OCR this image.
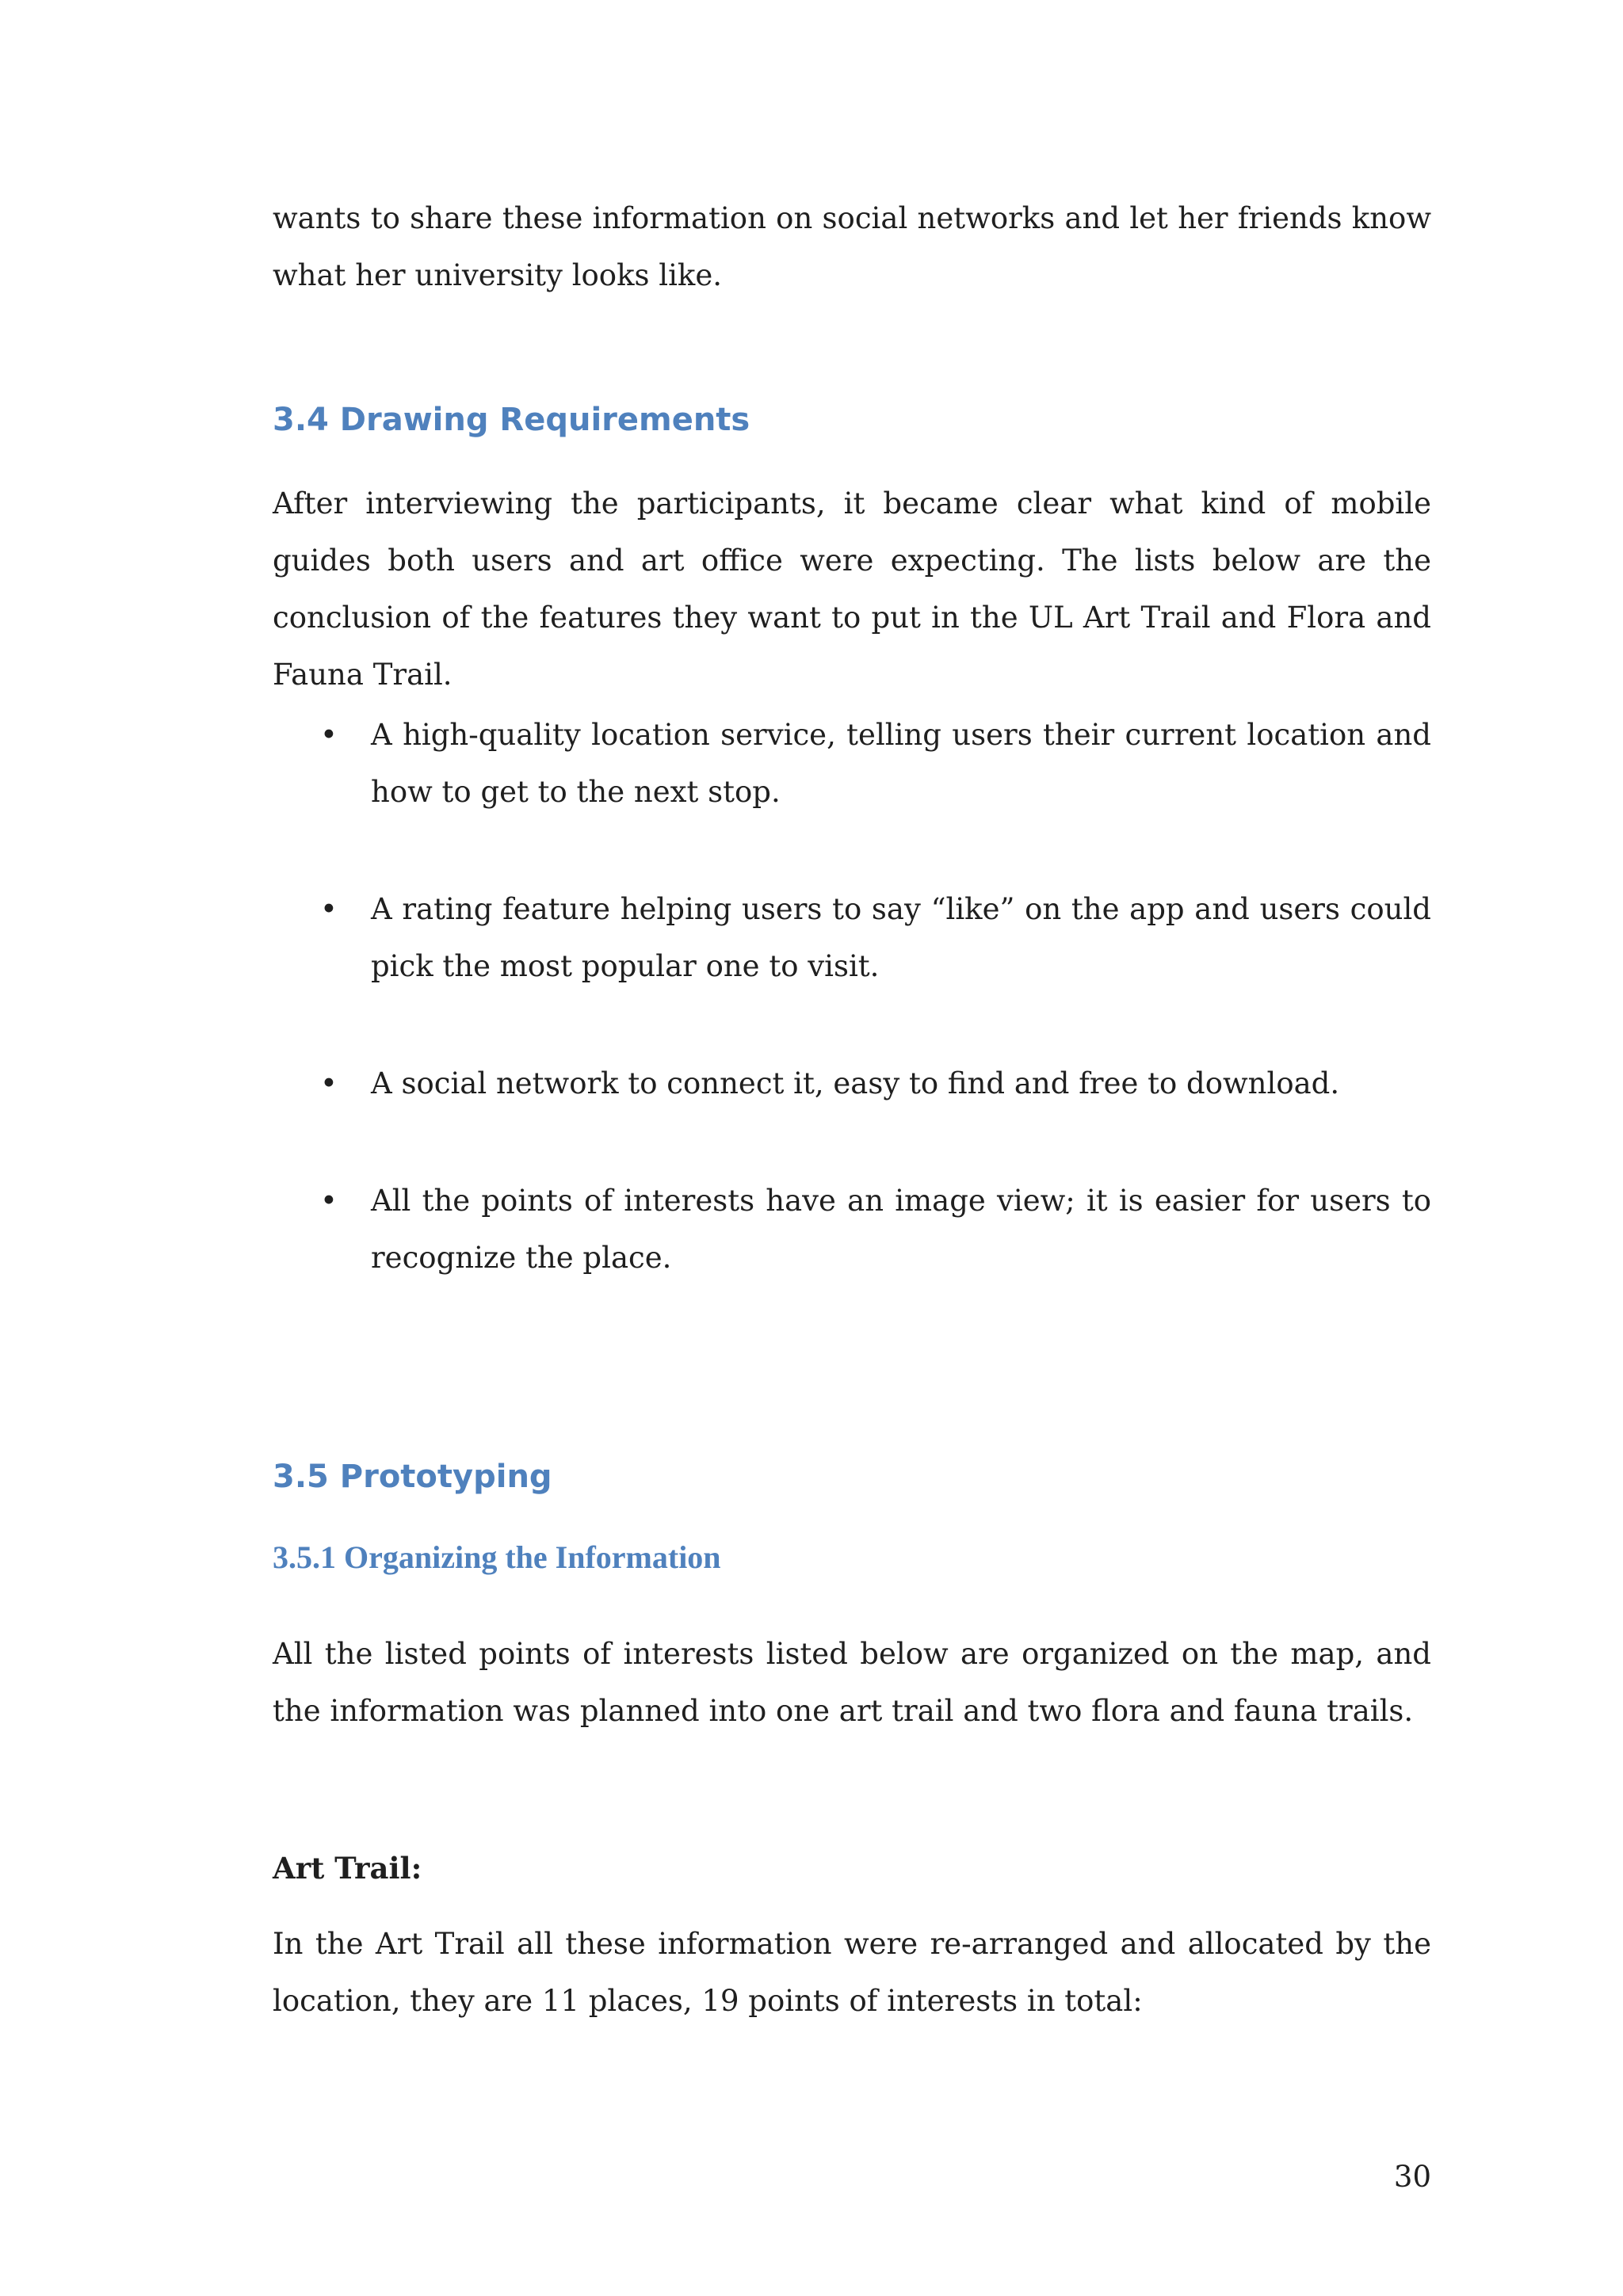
wants to share these information on social networks and let her friends know what her university looks like.

3.4 Drawing Requirements

After interviewing the participants, it became clear what kind of mobile guides both users and art office were expecting. The lists below are the conclusion of the features they want to put in the UL Art Trail and Flora and Fauna Trail.

• A high-quality location service, telling users their current location and how to get to the next stop.

• A rating feature helping users to say “like” on the app and users could pick the most popular one to visit.

• A social network to connect it, easy to find and free to download.

• All the points of interests have an image view; it is easier for users to recognize the place.

3.5 Prototyping
3.5.1 Organizing the Information

All the listed points of interests listed below are organized on the map, and the information was planned into one art trail and two flora and fauna trails.

Art Trail:

In the Art Trail all these information were re-arranged and allocated by the location, they are 11 places, 19 points of interests in total:

30
